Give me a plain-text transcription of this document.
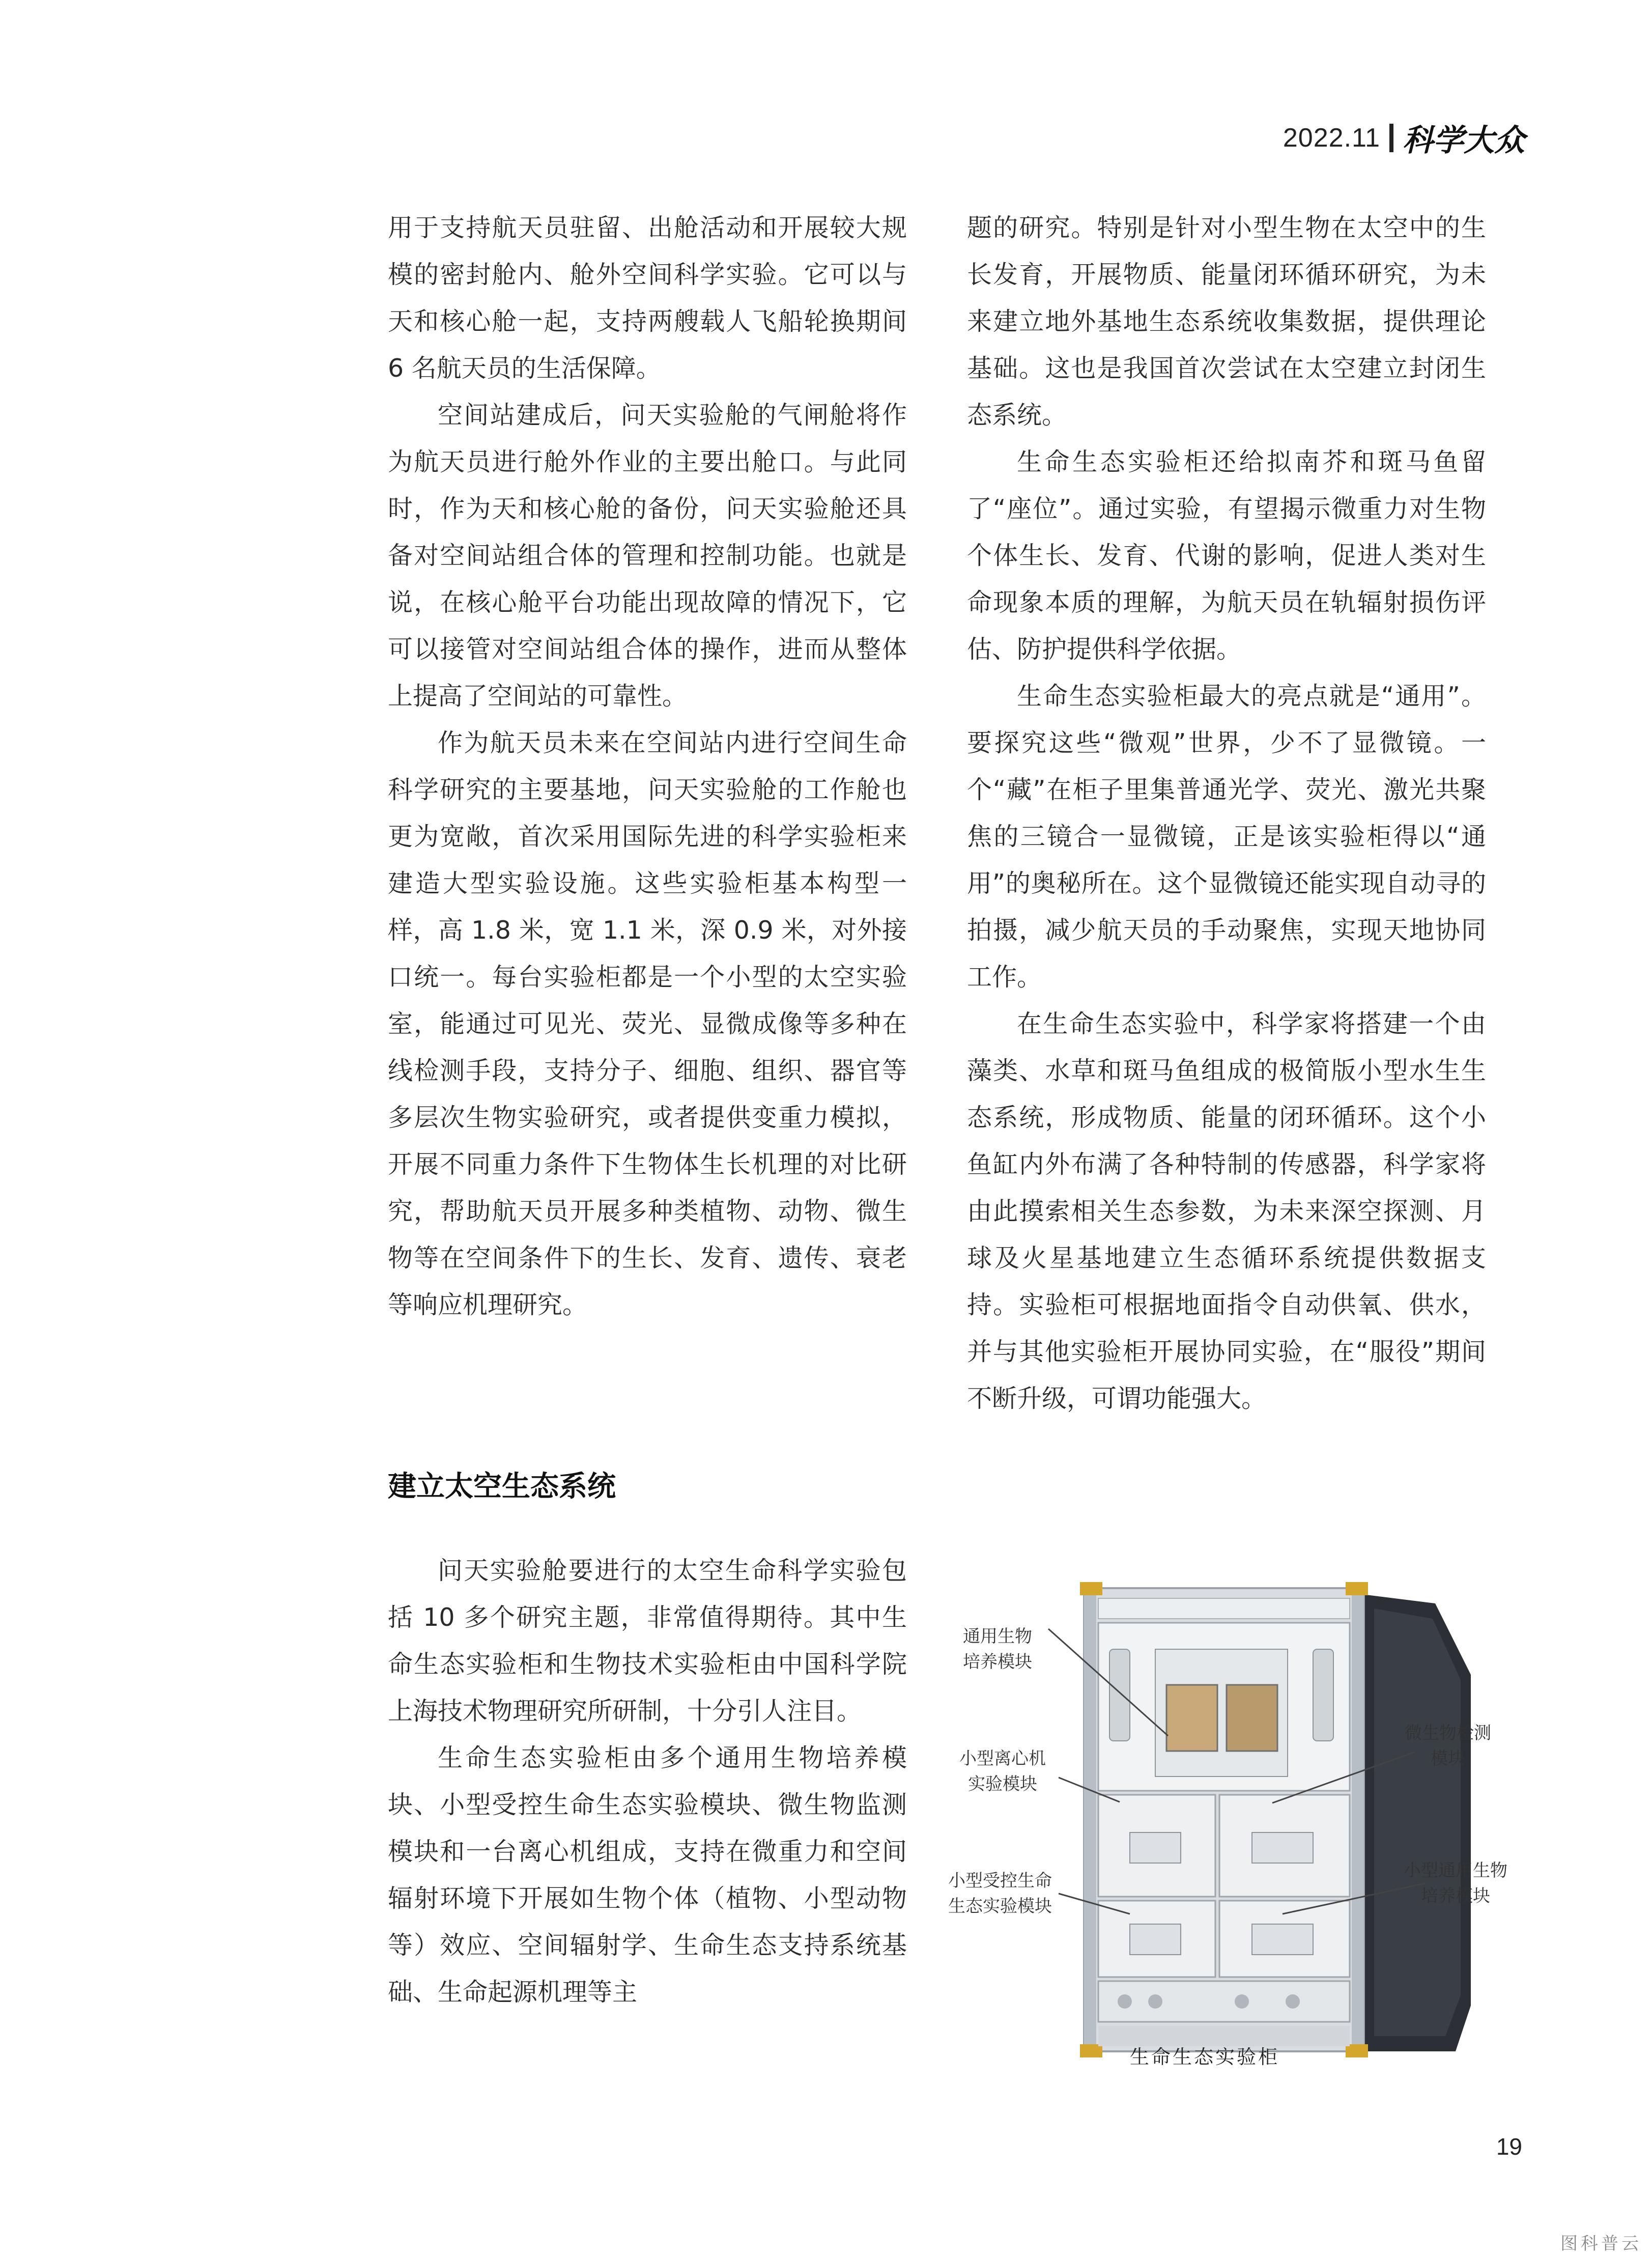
2022.11 科学大众

用于支持航天员驻留、出舱活动和开展较大规模的密封舱内、舱外空间科学实验。它可以与天和核心舱一起，支持两艘载人飞船轮换期间 6 名航天员的生活保障。

空间站建成后，问天实验舱的气闸舱将作为航天员进行舱外作业的主要出舱口。与此同时，作为天和核心舱的备份，问天实验舱还具备对空间站组合体的管理和控制功能。也就是说，在核心舱平台功能出现故障的情况下，它可以接管对空间站组合体的操作，进而从整体上提高了空间站的可靠性。

作为航天员未来在空间站内进行空间生命科学研究的主要基地，问天实验舱的工作舱也更为宽敞，首次采用国际先进的科学实验柜来建造大型实验设施。这些实验柜基本构型一样，高 1.8 米，宽 1.1 米，深 0.9 米，对外接口统一。每台实验柜都是一个小型的太空实验室，能通过可见光、荧光、显微成像等多种在线检测手段，支持分子、细胞、组织、器官等多层次生物实验研究，或者提供变重力模拟，开展不同重力条件下生物体生长机理的对比研究，帮助航天员开展多种类植物、动物、微生物等在空间条件下的生长、发育、遗传、衰老等响应机理研究。

建立太空生态系统

问天实验舱要进行的太空生命科学实验包括 10 多个研究主题，非常值得期待。其中生命生态实验柜和生物技术实验柜由中国科学院上海技术物理研究所研制，十分引人注目。

生命生态实验柜由多个通用生物培养模块、小型受控生命生态实验模块、微生物监测模块和一台离心机组成，支持在微重力和空间辐射环境下开展如生物个体（植物、小型动物等）效应、空间辐射学、生命生态支持系统基础、生命起源机理等主

题的研究。特别是针对小型生物在太空中的生长发育，开展物质、能量闭环循环研究，为未来建立地外基地生态系统收集数据，提供理论基础。这也是我国首次尝试在太空建立封闭生态系统。

生命生态实验柜还给拟南芥和斑马鱼留了“座位”。通过实验，有望揭示微重力对生物个体生长、发育、代谢的影响，促进人类对生命现象本质的理解，为航天员在轨辐射损伤评估、防护提供科学依据。

生命生态实验柜最大的亮点就是“通用”。要探究这些“微观”世界，少不了显微镜。一个“藏”在柜子里集普通光学、荧光、激光共聚焦的三镜合一显微镜，正是该实验柜得以“通用”的奥秘所在。这个显微镜还能实现自动寻的拍摄，减少航天员的手动聚焦，实现天地协同工作。

在生命生态实验中，科学家将搭建一个由藻类、水草和斑马鱼组成的极简版小型水生生态系统，形成物质、能量的闭环循环。这个小鱼缸内外布满了各种特制的传感器，科学家将由此摸索相关生态参数，为未来深空探测、月球及火星基地建立生态循环系统提供数据支持。实验柜可根据地面指令自动供氧、供水，并与其他实验柜开展协同实验，在“服役”期间不断升级，可谓功能强大。

通用生物
培养模块
小型离心机
实验模块
小型受控生命
生态实验模块
微生物检测
模块
小型通用生物
培养模块
生命生态实验柜
19
图科普云
